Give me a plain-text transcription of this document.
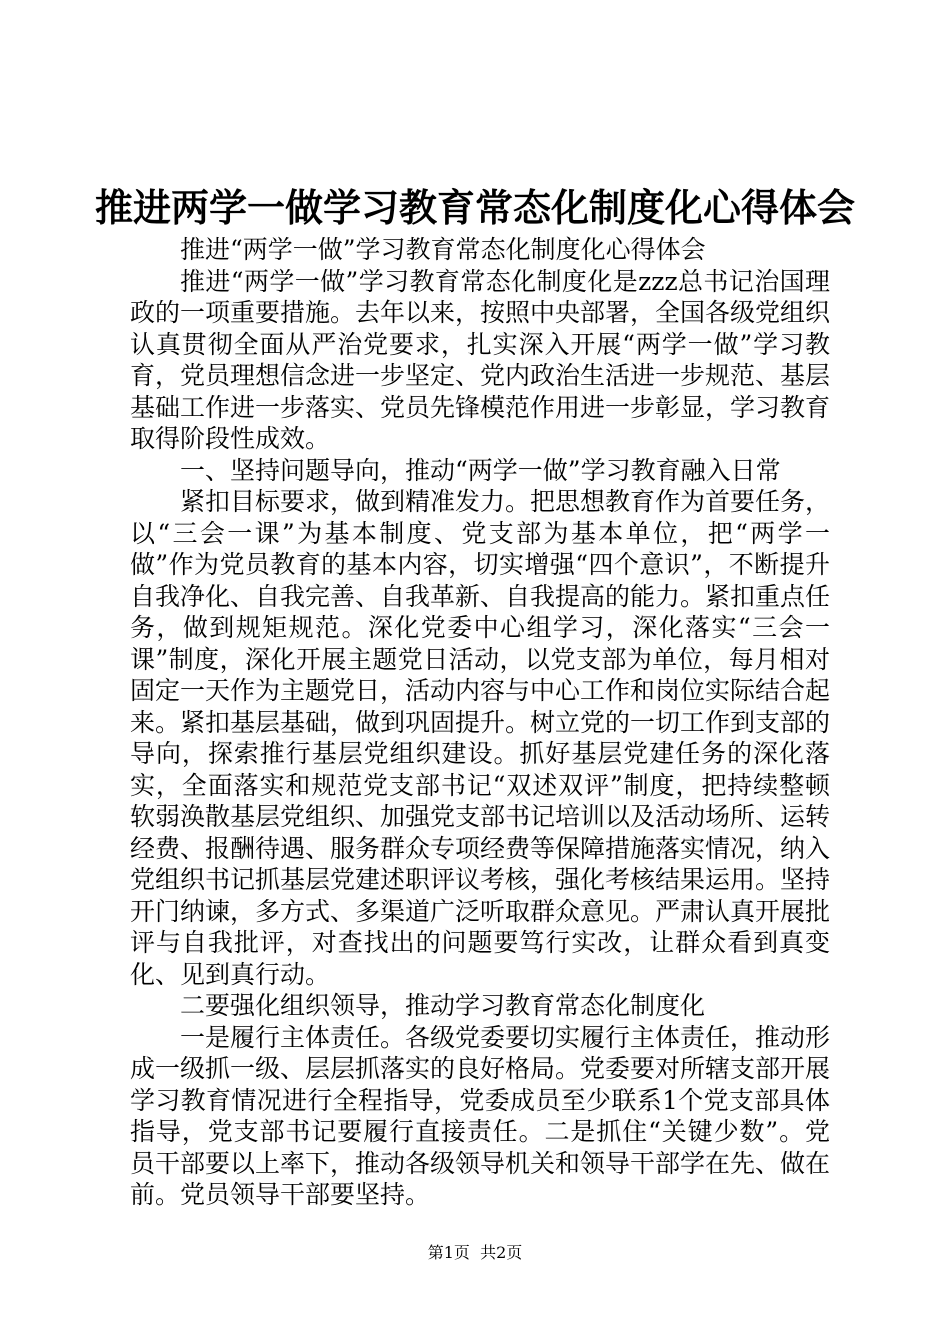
推进两学一做学习教育常态化制度化心得体会

推进“两学一做”学习教育常态化制度化心得体会

推进“两学一做”学习教育常态化制度化是zzz总书记治国理政的一项重要措施。去年以来，按照中央部署，全国各级党组织认真贯彻全面从严治党要求，扎实深入开展“两学一做”学习教育，党员理想信念进一步坚定、党内政治生活进一步规范、基层基础工作进一步落实、党员先锋模范作用进一步彰显，学习教育取得阶段性成效。

一、坚持问题导向，推动“两学一做”学习教育融入日常

紧扣目标要求，做到精准发力。把思想教育作为首要任务，以“三会一课”为基本制度、党支部为基本单位，把“两学一做”作为党员教育的基本内容，切实增强“四个意识”，不断提升自我净化、自我完善、自我革新、自我提高的能力。紧扣重点任务，做到规矩规范。深化党委中心组学习，深化落实“三会一课”制度，深化开展主题党日活动，以党支部为单位，每月相对固定一天作为主题党日，活动内容与中心工作和岗位实际结合起来。紧扣基层基础，做到巩固提升。树立党的一切工作到支部的导向，探索推行基层党组织建设。抓好基层党建任务的深化落实，全面落实和规范党支部书记“双述双评”制度，把持续整顿软弱涣散基层党组织、加强党支部书记培训以及活动场所、运转经费、报酬待遇、服务群众专项经费等保障措施落实情况，纳入党组织书记抓基层党建述职评议考核，强化考核结果运用。坚持开门纳谏，多方式、多渠道广泛听取群众意见。严肃认真开展批评与自我批评，对查找出的问题要笃行实改，让群众看到真变化、见到真行动。

二要强化组织领导，推动学习教育常态化制度化

一是履行主体责任。各级党委要切实履行主体责任，推动形成一级抓一级、层层抓落实的良好格局。党委要对所辖支部开展学习教育情况进行全程指导，党委成员至少联系1个党支部具体指导，党支部书记要履行直接责任。二是抓住“关键少数”。党员干部要以上率下，推动各级领导机关和领导干部学在先、做在前。党员领导干部要坚持。

第1页  共2页
